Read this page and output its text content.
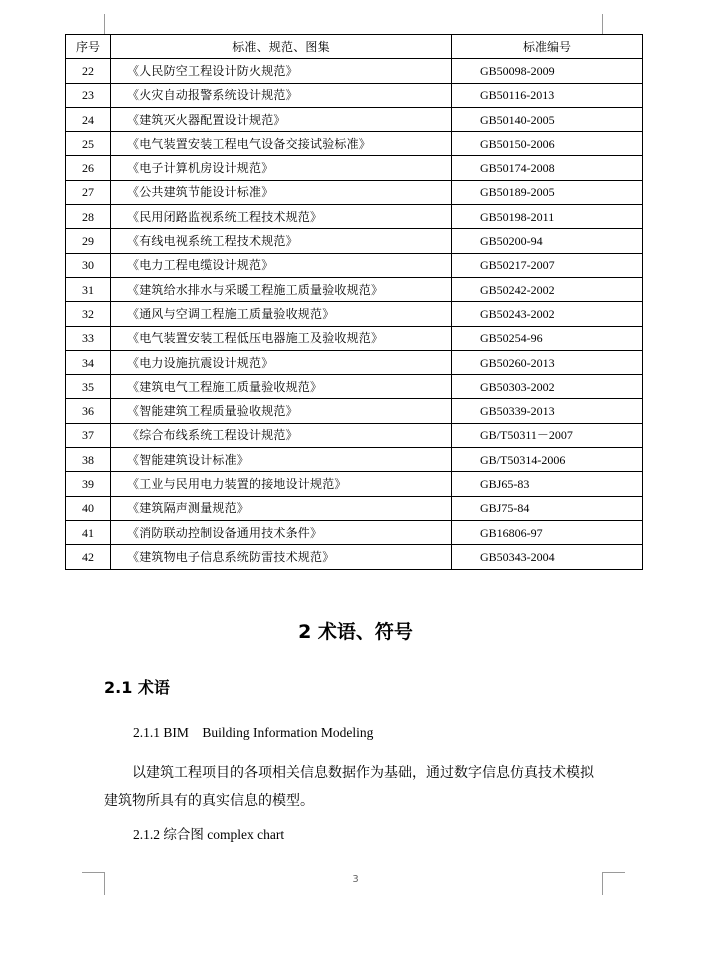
序号	标准、规范、图集	标准编号
22	《人民防空工程设计防火规范》	GB50098-2009
23	《火灾自动报警系统设计规范》	GB50116-2013
24	《建筑灭火器配置设计规范》	GB50140-2005
25	《电气装置安装工程电气设备交接试验标准》	GB50150-2006
26	《电子计算机房设计规范》	GB50174-2008
27	《公共建筑节能设计标准》	GB50189-2005
28	《民用闭路监视系统工程技术规范》	GB50198-2011
29	《有线电视系统工程技术规范》	GB50200-94
30	《电力工程电缆设计规范》	GB50217-2007
31	《建筑给水排水与采暖工程施工质量验收规范》	GB50242-2002
32	《通风与空调工程施工质量验收规范》	GB50243-2002
33	《电气装置安装工程低压电器施工及验收规范》	GB50254-96
34	《电力设施抗震设计规范》	GB50260-2013
35	《建筑电气工程施工质量验收规范》	GB50303-2002
36	《智能建筑工程质量验收规范》	GB50339-2013
37	《综合布线系统工程设计规范》	GB/T50311－2007
38	《智能建筑设计标准》	GB/T50314-2006
39	《工业与民用电力装置的接地设计规范》	GBJ65-83
40	《建筑隔声测量规范》	GBJ75-84
41	《消防联动控制设备通用技术条件》	GB16806-97
42	《建筑物电子信息系统防雷技术规范》	GB50343-2004
2 术语、符号
2.1 术语

2.1.1 BIM    Building Information Modeling

以建筑工程项目的各项相关信息数据作为基础，通过数字信息仿真技术模拟建筑物所具有的真实信息的模型。

2.1.2 综合图 complex chart

3
